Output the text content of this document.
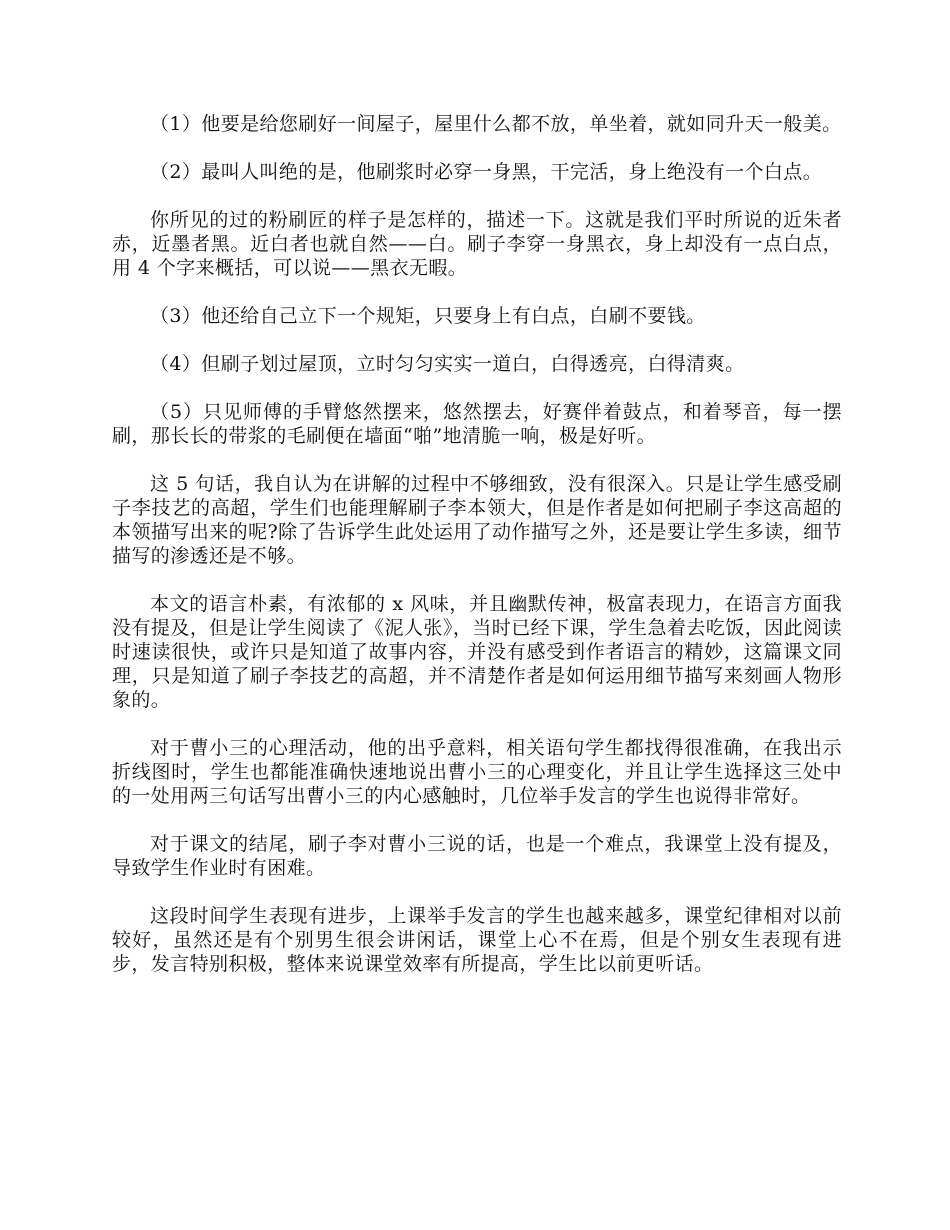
（1）他要是给您刷好一间屋子，屋里什么都不放，单坐着，就如同升天一般美。

（2）最叫人叫绝的是，他刷浆时必穿一身黑，干完活，身上绝没有一个白点。

你所见的过的粉刷匠的样子是怎样的，描述一下。这就是我们平时所说的近朱者赤，近墨者黑。近白者也就自然——白。刷子李穿一身黑衣，身上却没有一点白点，用 4 个字来概括，可以说——黑衣无暇。

（3）他还给自己立下一个规矩，只要身上有白点，白刷不要钱。

（4）但刷子划过屋顶，立时匀匀实实一道白，白得透亮，白得清爽。

（5）只见师傅的手臂悠然摆来，悠然摆去，好赛伴着鼓点，和着琴音，每一摆刷，那长长的带浆的毛刷便在墙面“啪”地清脆一响，极是好听。

这 5 句话，我自认为在讲解的过程中不够细致，没有很深入。只是让学生感受刷子李技艺的高超，学生们也能理解刷子李本领大，但是作者是如何把刷子李这高超的本领描写出来的呢?除了告诉学生此处运用了动作描写之外，还是要让学生多读，细节描写的渗透还是不够。

本文的语言朴素，有浓郁的 x 风味，并且幽默传神，极富表现力，在语言方面我没有提及，但是让学生阅读了《泥人张》，当时已经下课，学生急着去吃饭，因此阅读时速读很快，或许只是知道了故事内容，并没有感受到作者语言的精妙，这篇课文同理，只是知道了刷子李技艺的高超，并不清楚作者是如何运用细节描写来刻画人物形象的。

对于曹小三的心理活动，他的出乎意料，相关语句学生都找得很准确，在我出示折线图时，学生也都能准确快速地说出曹小三的心理变化，并且让学生选择这三处中的一处用两三句话写出曹小三的内心感触时，几位举手发言的学生也说得非常好。

对于课文的结尾，刷子李对曹小三说的话，也是一个难点，我课堂上没有提及，导致学生作业时有困难。

这段时间学生表现有进步，上课举手发言的学生也越来越多，课堂纪律相对以前较好，虽然还是有个别男生很会讲闲话，课堂上心不在焉，但是个别女生表现有进步，发言特别积极，整体来说课堂效率有所提高，学生比以前更听话。
